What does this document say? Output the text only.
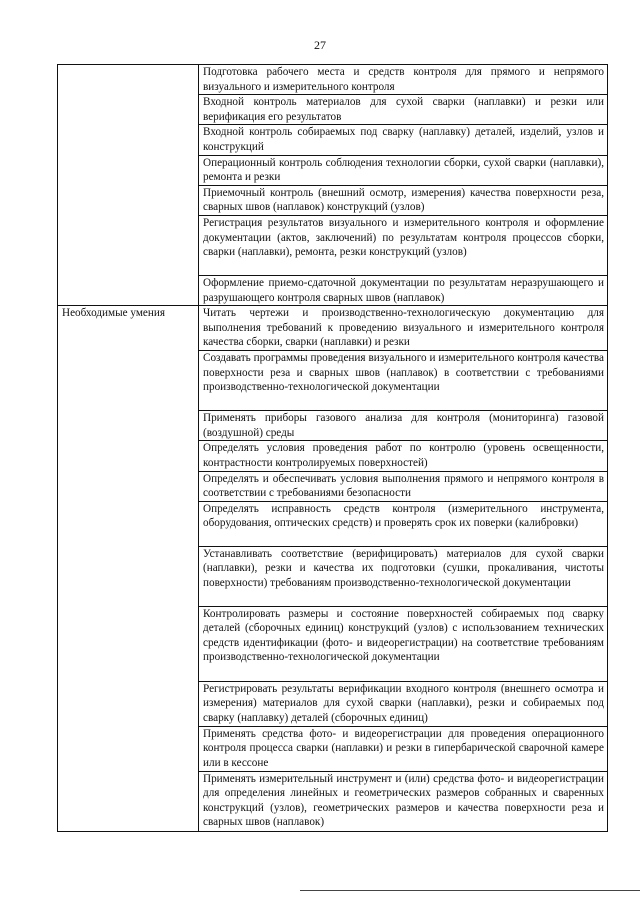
27
	Подготовка рабочего места и средств контроля для прямого и непрямого визуального и измерительного контроля
	Входной контроль материалов для сухой сварки (наплавки) и резки или верификация его результатов
	Входной контроль собираемых под сварку (наплавку) деталей, изделий, узлов и конструкций
	Операционный контроль соблюдения технологии сборки, сухой сварки (наплавки), ремонта и резки
	Приемочный контроль (внешний осмотр, измерения) качества поверхности реза, сварных швов (наплавок) конструкций (узлов)
	Регистрация результатов визуального и измерительного контроля и оформление документации (актов, заключений) по результатам контроля процессов сборки, сварки (наплавки), ремонта, резки конструкций (узлов)
	Оформление приемо-сдаточной документации по результатам неразрушающего и разрушающего контроля сварных швов (наплавок)
Необходимые умения	Читать чертежи и производственно-технологическую документацию для выполнения требований к проведению визуального и измерительного контроля качества сборки, сварки (наплавки) и резки
	Создавать программы проведения визуального и измерительного контроля качества поверхности реза и сварных швов (наплавок) в соответствии с требованиями производственно-технологической документации
	Применять приборы газового анализа для контроля (мониторинга) газовой (воздушной) среды
	Определять условия проведения работ по контролю (уровень освещенности, контрастности контролируемых поверхностей)
	Определять и обеспечивать условия выполнения прямого и непрямого контроля в соответствии с требованиями безопасности
	Определять исправность средств контроля (измерительного инструмента, оборудования, оптических средств) и проверять срок их поверки (калибровки)
	Устанавливать соответствие (верифицировать) материалов для сухой сварки (наплавки), резки и качества их подготовки (сушки, прокаливания, чистоты поверхности) требованиям производственно-технологической документации
	Контролировать размеры и состояние поверхностей собираемых под сварку деталей (сборочных единиц) конструкций (узлов) с использованием технических средств идентификации (фото- и видеорегистрации) на соответствие требованиям производственно-технологической документации
	Регистрировать результаты верификации входного контроля (внешнего осмотра и измерения) материалов для сухой сварки (наплавки), резки и собираемых под сварку (наплавку) деталей (сборочных единиц)
	Применять средства фото- и видеорегистрации для проведения операционного контроля процесса сварки (наплавки) и резки в гипербарической сварочной камере или в кессоне
	Применять измерительный инструмент и (или) средства фото- и видеорегистрации для определения линейных и геометрических размеров собранных и сваренных конструкций (узлов), геометрических размеров и качества поверхности реза и сварных швов (наплавок)
